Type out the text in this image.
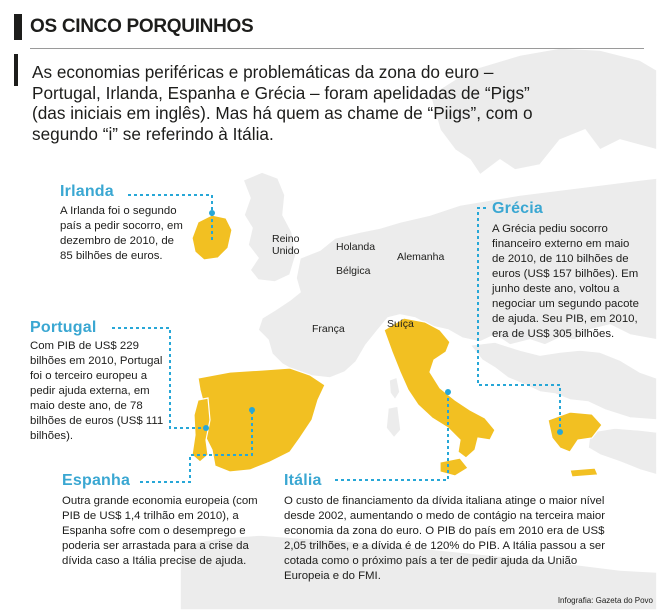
OS CINCO PORQUINHOS
As economias periféricas e problemáticas da zona do euro – Portugal, Irlanda, Espanha e Grécia – foram apelidadas de “Pigs” (das iniciais em inglês). Mas há quem as chame de “Piigs”, com o segundo “i” se referindo à Itália.
Reino Unido	Holanda
Bélgica
Alemanha
França	Suíça
Irlanda
A Irlanda foi o segundo país a pedir socorro, em dezembro de 2010, de 85 bilhões de euros.
Portugal
Com PIB de US$ 229 bilhões em 2010, Portugal foi o terceiro europeu a pedir ajuda externa, em maio deste ano, de 78 bilhões de euros (US$ 111 bilhões).
Espanha
Outra grande economia europeia (com PIB de US$ 1,4 trilhão em 2010), a Espanha sofre com o desemprego e poderia ser arrastada para a crise da dívida caso a Itália precise de ajuda.
Itália
O custo de financiamento da dívida italiana atinge o maior nível desde 2002, aumentando o medo de contágio na terceira maior economia da zona do euro. O PIB do país em 2010 era de US$ 2,05 trilhões, e a dívida é de 120% do PIB. A Itália passou a ser cotada como o próximo país a ter de pedir ajuda da União Europeia e do FMI.
Grécia
A Grécia pediu socorro financeiro externo em maio de 2010, de 110 bilhões de euros (US$ 157 bilhões). Em junho deste ano, voltou a negociar um segundo pacote de ajuda. Seu PIB, em 2010, era de US$ 305 bilhões.
Infografia: Gazeta do Povo
